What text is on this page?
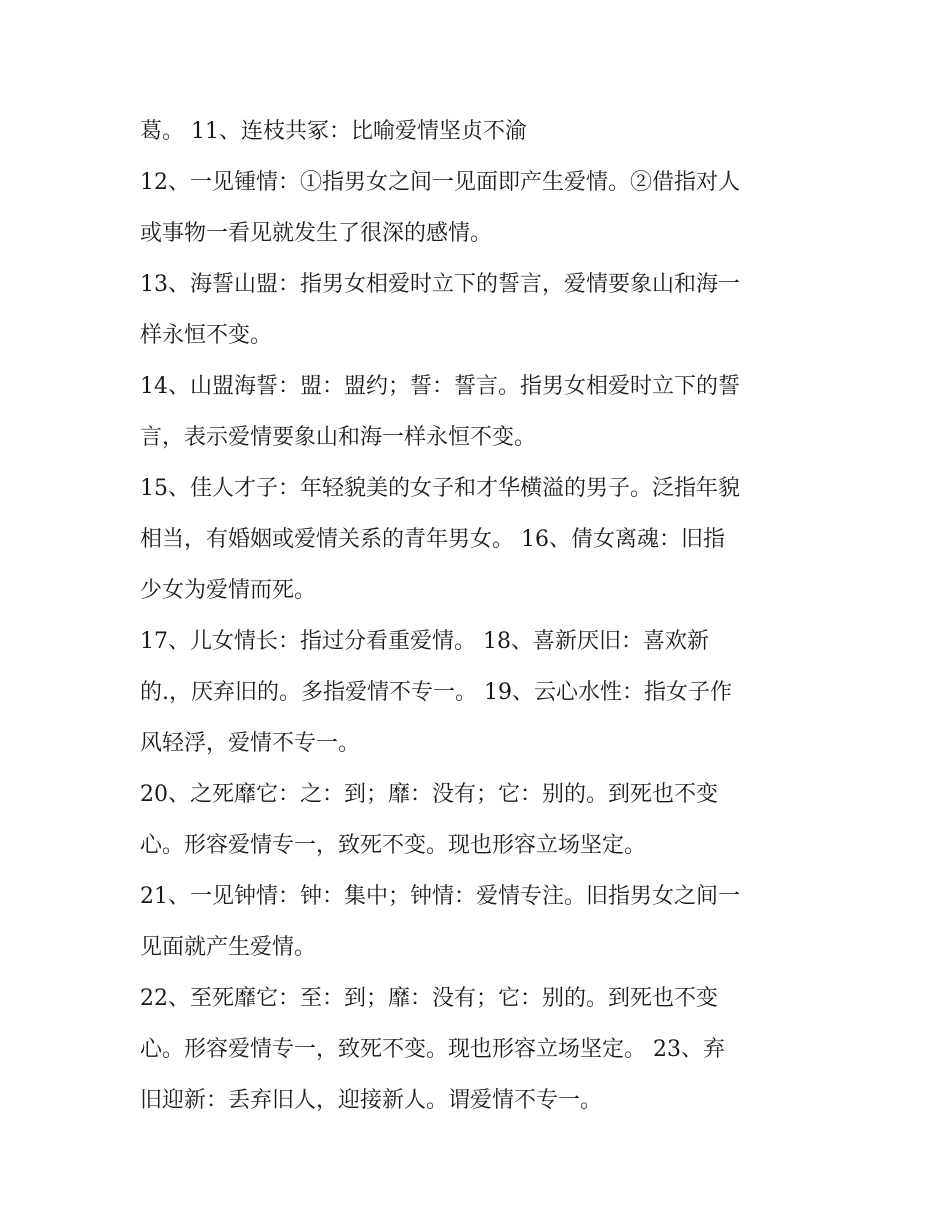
葛。 11、连枝共冢：比喻爱情坚贞不渝
12、一见锺情：①指男女之间一见面即产生爱情。②借指对人
或事物一看见就发生了很深的感情。
13、海誓山盟：指男女相爱时立下的誓言，爱情要象山和海一
样永恒不变。
14、山盟海誓：盟：盟约；誓：誓言。指男女相爱时立下的誓
言，表示爱情要象山和海一样永恒不变。
15、佳人才子：年轻貌美的女子和才华横溢的男子。泛指年貌
相当，有婚姻或爱情关系的青年男女。 16、倩女离魂：旧指
少女为爱情而死。
17、儿女情长：指过分看重爱情。 18、喜新厌旧：喜欢新
的.，厌弃旧的。多指爱情不专一。 19、云心水性：指女子作
风轻浮，爱情不专一。
20、之死靡它：之：到；靡：没有；它：别的。到死也不变
心。形容爱情专一，致死不变。现也形容立场坚定。
21、一见钟情：钟：集中；钟情：爱情专注。旧指男女之间一
见面就产生爱情。
22、至死靡它：至：到；靡：没有；它：别的。到死也不变
心。形容爱情专一，致死不变。现也形容立场坚定。 23、弃
旧迎新：丢弃旧人，迎接新人。谓爱情不专一。
